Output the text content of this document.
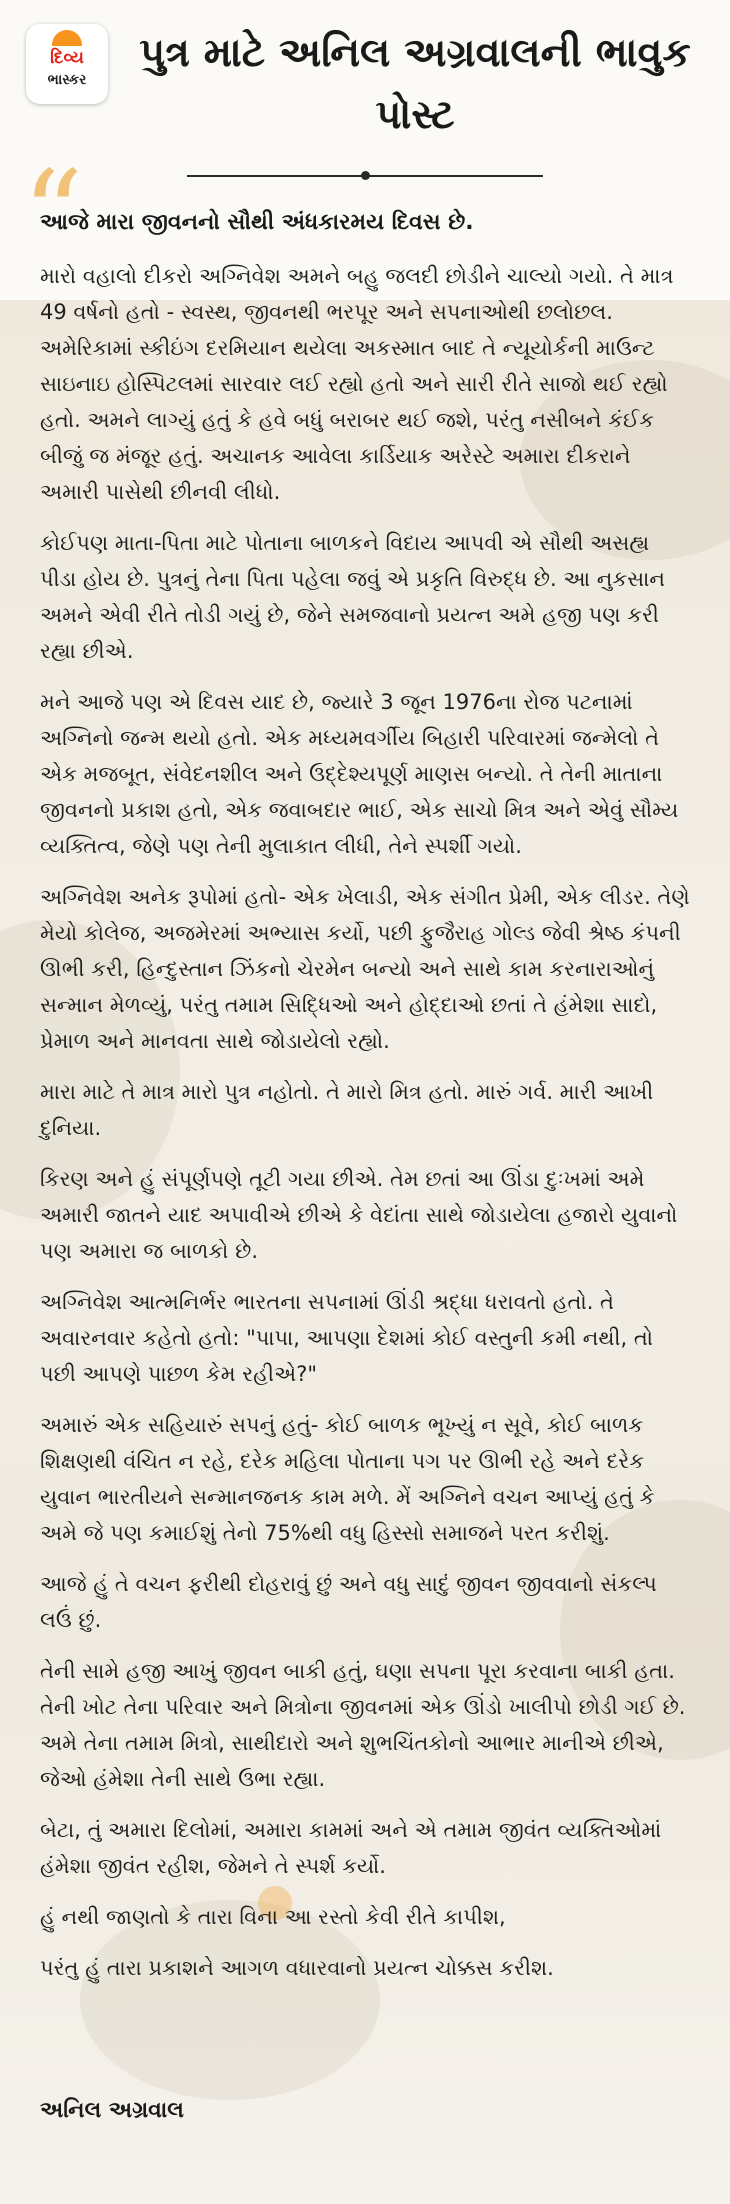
દિવ્ય
ભાસ્કર
પુત્ર માટે અનિલ અગ્રવાલની ભાવુક પોસ્ટ
“

આજે મારા જીવનનો સૌથી અંધકારમય દિવસ છે.

મારો વહાલો દીકરો અગ્નિવેશ અમને બહુ જલદી છોડીને ચાલ્યો ગયો. તે માત્ર 49 વર્ષનો હતો - સ્વસ્થ, જીવનથી ભરપૂર અને સપનાઓથી છલોછલ. અમેરિકામાં સ્કીઇંગ દરમિયાન થયેલા અકસ્માત બાદ તે ન્યૂયોર્કની માઉન્ટ સાઇનાઇ હોસ્પિટલમાં સારવાર લઈ રહ્યો હતો અને સારી રીતે સાજો થઈ રહ્યો હતો. અમને લાગ્યું હતું કે હવે બધું બરાબર થઈ જશે, પરંતુ નસીબને કંઈક બીજું જ મંજૂર હતું. અચાનક આવેલા કાર્ડિયાક અરેસ્ટે અમારા દીકરાને અમારી પાસેથી છીનવી લીધો.

કોઈપણ માતા-પિતા માટે પોતાના બાળકને વિદાય આપવી એ સૌથી અસહ્ય પીડા હોય છે. પુત્રનું તેના પિતા પહેલા જવું એ પ્રકૃતિ વિરુદ્ધ છે. આ નુકસાન અમને એવી રીતે તોડી ગયું છે, જેને સમજવાનો પ્રયત્ન અમે હજી પણ કરી રહ્યા છીએ.

મને આજે પણ એ દિવસ યાદ છે, જ્યારે 3 જૂન 1976ના રોજ પટનામાં અગ્નિનો જન્મ થયો હતો. એક મધ્યમવર્ગીય બિહારી પરિવારમાં જન્મેલો તે એક મજબૂત, સંવેદનશીલ અને ઉદ્દેશ્યપૂર્ણ માણસ બન્યો. તે તેની માતાના જીવનનો પ્રકાશ હતો, એક જવાબદાર ભાઈ, એક સાચો મિત્ર અને એવું સૌમ્ય વ્યક્તિત્વ, જેણે પણ તેની મુલાકાત લીધી, તેને સ્પર્શી ગયો.

અગ્નિવેશ અનેક રૂપોમાં હતો- એક ખેલાડી, એક સંગીત પ્રેમી, એક લીડર. તેણે મેયો કોલેજ, અજમેરમાં અભ્યાસ કર્યો, પછી ફુજૈરાહ ગોલ્ડ જેવી શ્રેષ્ઠ કંપની ઊભી કરી, હિન્દુસ્તાન ઝિંકનો ચેરમેન બન્યો અને સાથે કામ કરનારાઓનું સન્માન મેળવ્યું, પરંતુ તમામ સિદ્ધિઓ અને હોદ્દાઓ છતાં તે હંમેશા સાદો, પ્રેમાળ અને માનવતા સાથે જોડાયેલો રહ્યો.

મારા માટે તે માત્ર મારો પુત્ર નહોતો. તે મારો મિત્ર હતો. મારું ગર્વ. મારી આખી દુનિયા.

કિરણ અને હું સંપૂર્ણપણે તૂટી ગયા છીએ. તેમ છતાં આ ઊંડા દુઃખમાં અમે અમારી જાતને યાદ અપાવીએ છીએ કે વેદાંતા સાથે જોડાયેલા હજારો યુવાનો પણ અમારા જ બાળકો છે.

અગ્નિવેશ આત્મનિર્ભર ભારતના સપનામાં ઊંડી શ્રદ્ધા ધરાવતો હતો. તે અવારનવાર કહેતો હતો: "પાપા, આપણા દેશમાં કોઈ વસ્તુની કમી નથી, તો પછી આપણે પાછળ કેમ રહીએ?"

અમારું એક સહિયારું સપનું હતું- કોઈ બાળક ભૂખ્યું ન સૂવે, કોઈ બાળક શિક્ષણથી વંચિત ન રહે, દરેક મહિલા પોતાના પગ પર ઊભી રહે અને દરેક યુવાન ભારતીયને સન્માનજનક કામ મળે. મેં અગ્નિને વચન આપ્યું હતું કે અમે જે પણ કમાઈશું તેનો 75%થી વધુ હિસ્સો સમાજને પરત કરીશું.

આજે હું તે વચન ફરીથી દોહરાવું છું અને વધુ સાદું જીવન જીવવાનો સંકલ્પ લઉં છું.

તેની સામે હજી આખું જીવન બાકી હતું, ઘણા સપના પૂરા કરવાના બાકી હતા. તેની ખોટ તેના પરિવાર અને મિત્રોના જીવનમાં એક ઊંડો ખાલીપો છોડી ગઈ છે. અમે તેના તમામ મિત્રો, સાથીદારો અને શુભચિંતકોનો આભાર માનીએ છીએ, જેઓ હંમેશા તેની સાથે ઉભા રહ્યા.

બેટા, તું અમારા દિલોમાં, અમારા કામમાં અને એ તમામ જીવંત વ્યક્તિઓમાં હંમેશા જીવંત રહીશ, જેમને તે સ્પર્શ કર્યો.

હું નથી જાણતો કે તારા વિના આ રસ્તો કેવી રીતે કાપીશ,

પરંતુ હું તારા પ્રકાશને આગળ વધારવાનો પ્રયત્ન ચોક્કસ કરીશ.

અનિલ અગ્રવાલ
